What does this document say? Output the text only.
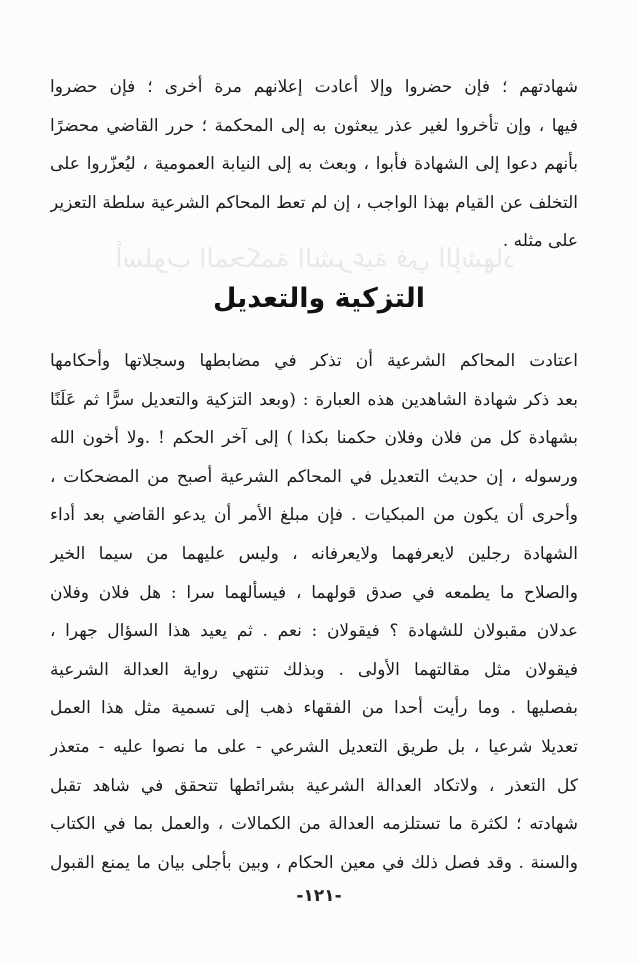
شهادتهم ؛ فإن حضروا وإلا أعادت إعلانهم مرة أخرى ؛ فإن حضروا
فيها ، وإن تأخروا لغير عذر يبعثون به إلى المحكمة ؛ حرر القاضي محضرًا
بأنهم دعوا إلى الشهادة فأبوا ، وبعث به إلى النيابة العمومية ، ليُعزّروا على
التخلف عن القيام بهذا الواجب ، إن لم تعط المحاكم الشرعية سلطة التعزير
على مثله .
أسلوب المحكمة الشرعية في الإشهاد
التزكية والتعديل
اعتادت المحاكم الشرعية أن تذكر في مضابطها وسجلاتها وأحكامها
بعد ذكر شهادة الشاهدين هذه العبارة : (وبعد التزكية والتعديل سرًّا ثم عَلَنًا
بشهادة كل من فلان وفلان حكمنا بكذا ) إلى آخر الحكم ! .ولا أخون الله
ورسوله ، إن حديث التعديل في المحاكم الشرعية أصبح من المضحكات ،
وأحرى أن يكون من المبكيات . فإن مبلغ الأمر أن يدعو القاضي بعد أداء
الشهادة رجلين لايعرفهما ولايعرفانه ، وليس عليهما من سيما الخير
والصلاح ما يطمعه في صدق قولهما ، فيسألهما سرا : هل فلان وفلان
عدلان مقبولان للشهادة ؟ فيقولان : نعم . ثم يعيد هذا السؤال جهرا ،
فيقولان مثل مقالتهما الأولى . وبذلك تنتهي رواية العدالة الشرعية
بفصليها . وما رأيت أحدا من الفقهاء ذهب إلى تسمية مثل هذا العمل
تعديلا شرعيا ، بل طريق التعديل الشرعي - على ما نصوا عليه - متعذر
كل التعذر ، ولاتكاد العدالة الشرعية بشرائطها تتحقق في شاهد تقبل
شهادته ؛ لكثرة ما تستلزمه العدالة من الكمالات ، والعمل بما في الكتاب
والسنة . وقد فصل ذلك في معين الحكام ، وبين بأجلى بيان ما يمنع القبول
-١٢١-
